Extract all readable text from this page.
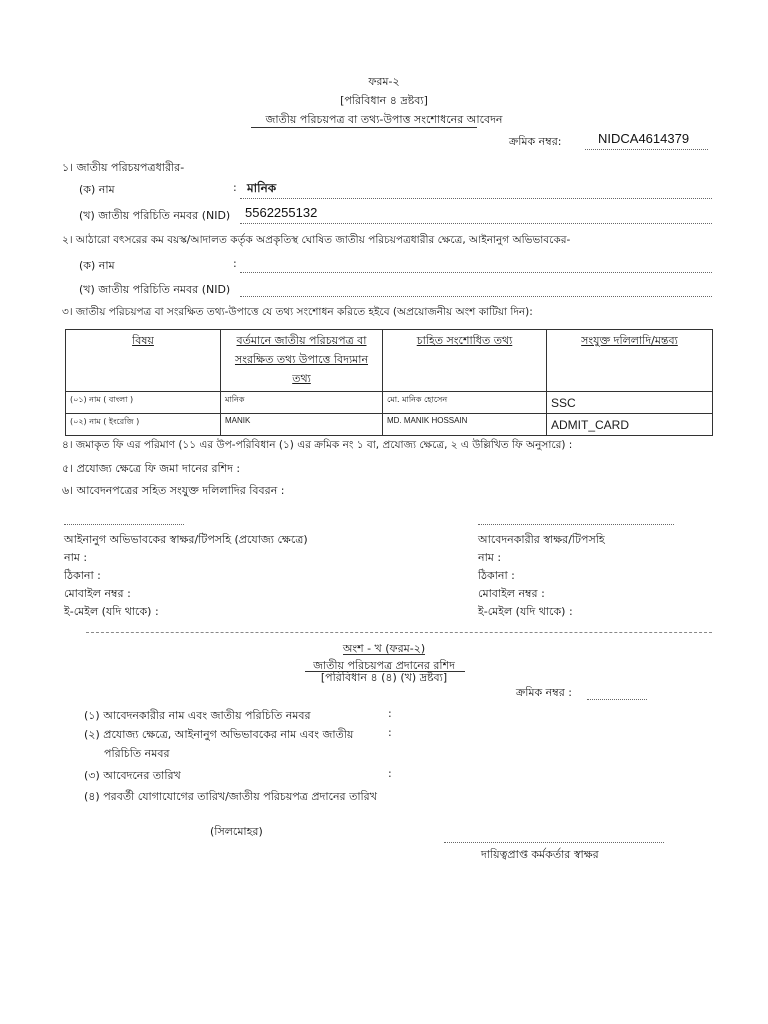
ফরম-২
[পরিবিধান ৪ দ্রষ্টব্য]
জাতীয় পরিচয়পত্র বা তথ্য-উপাত্ত সংশোধনের আবেদন
ক্রমিক নম্বর:	NIDCA4614379
১। জাতীয় পরিচয়পত্রধারীর-
(ক) নাম	: মানিক
(খ) জাতীয় পরিচিতি নমবর (NID) 5562255132
২। আঠারো বৎসরের কম বয়স্ক/আদালত কর্তৃক অপ্রকৃতিস্থ ঘোষিত জাতীয় পরিচয়পত্রধারীর ক্ষেত্রে, আইনানুগ অভিভাবকের-
(ক) নাম	:
(খ) জাতীয় পরিচিতি নমবর (NID)
৩। জাতীয় পরিচয়পত্র বা সংরক্ষিত তথ্য-উপাত্তে যে তথ্য সংশোধন করিতে হইবে (অপ্রয়োজনীয় অংশ কাটিয়া দিন):
বিষয়	বর্তমানে জাতীয় পরিচয়পত্র বা সংরক্ষিত তথ্য উপাত্তে বিদ্যমান তথ্য	চাহিত সংশোধিত তথ্য	সংযুক্ত দলিলাদি/মন্তব্য
(০১) নাম ( বাংলা )	মানিক	মো. মানিক হোসেন	SSC
(০২) নাম ( ইংরেজি )	MANIK	MD. MANIK HOSSAIN	ADMIT_CARD
৪। জমাকৃত ফি এর পরিমাণ (১১ এর উপ-পরিবিধান (১) এর ক্রমিক নং ১ বা, প্রযোজ্য ক্ষেত্রে, ২ এ উল্লিখিত ফি অনুসারে) :
৫। প্রযোজ্য ক্ষেত্রে ফি জমা দানের রশিদ :
৬। আবেদনপত্রের সহিত সংযুক্ত দলিলাদির বিবরন :
আইনানুগ অভিভাবকের স্বাক্ষর/টিপসহি (প্রযোজ্য ক্ষেত্রে)
নাম :
ঠিকানা :
মোবাইল নম্বর :
ই-মেইল (যদি থাকে) :
আবেদনকারীর স্বাক্ষর/টিপসহি
নাম :
ঠিকানা :
মোবাইল নম্বর :
ই-মেইল (যদি থাকে) :
অংশ - খ (ফরম-২)
জাতীয় পরিচয়পত্র প্রদানের রশিদ
[পরিবিধান ৪ (৪) (খ) দ্রষ্টব্য]
ক্রমিক নম্বর :
(১) আবেদনকারীর নাম এবং জাতীয় পরিচিতি নমবর	:
(২) প্রযোজ্য ক্ষেত্রে, আইনানুগ অভিভাবকের নাম এবং জাতীয়	:
পরিচিতি নমবর
(৩) আবেদনের তারিখ	:
(৪) পরবর্তী যোগাযোগের তারিখ/জাতীয় পরিচয়পত্র প্রদানের তারিখ
(সিলমোহর)
দায়িত্বপ্রাপ্ত কর্মকর্তার স্বাক্ষর
